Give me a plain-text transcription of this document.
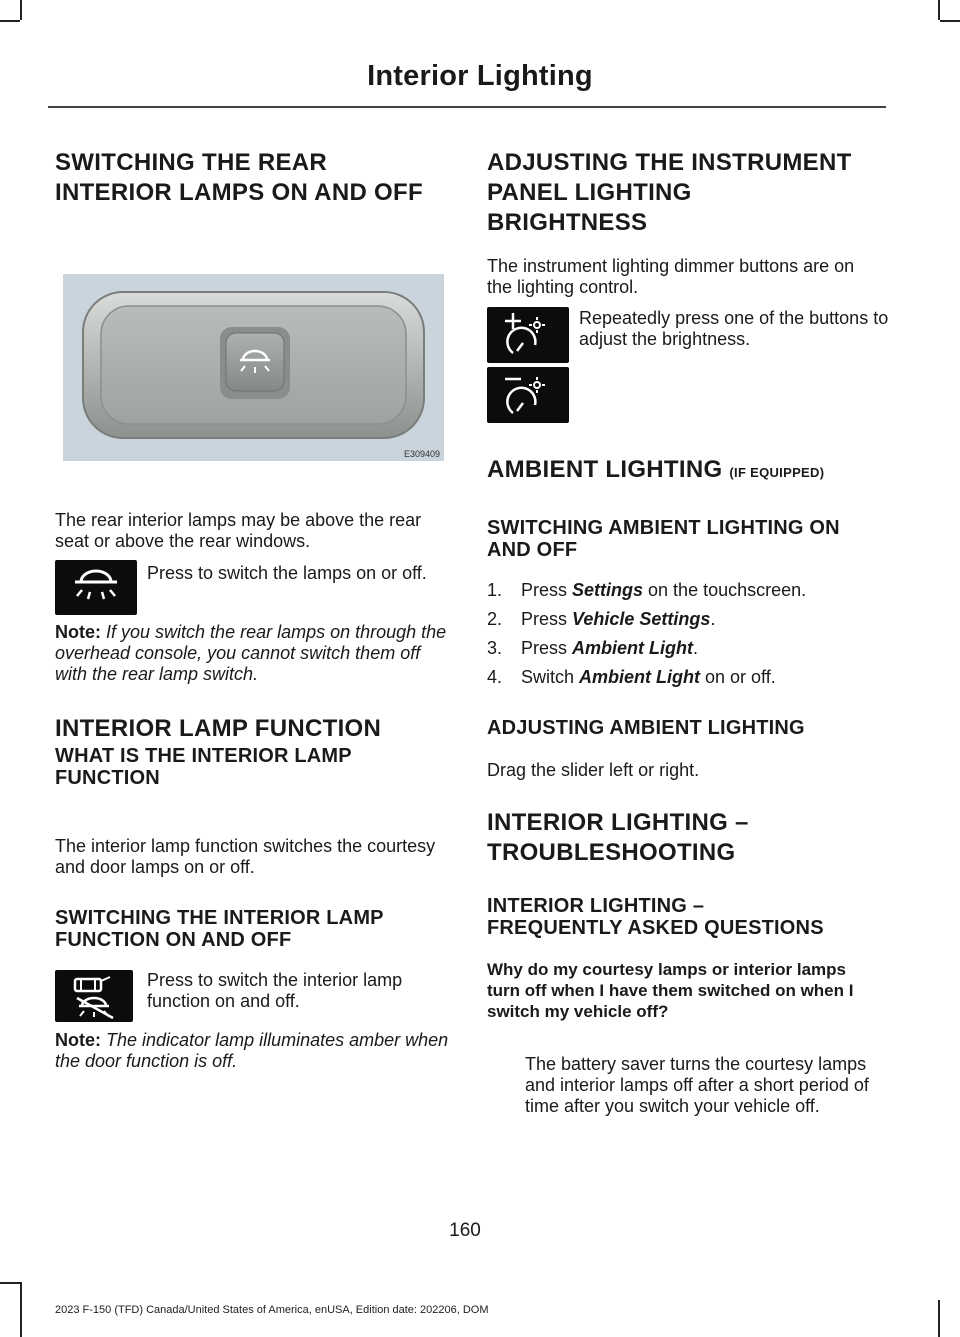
Interior Lighting
SWITCHING THE REAR
INTERIOR LAMPS ON AND OFF
E309409
The rear interior lamps may be above the rear seat or above the rear windows.
Press to switch the lamps on or off.
Note: If you switch the rear lamps on through the overhead console, you cannot switch them off with the rear lamp switch.
INTERIOR LAMP FUNCTION
WHAT IS THE INTERIOR LAMP FUNCTION
The interior lamp function switches the courtesy and door lamps on or off.
SWITCHING THE INTERIOR LAMP FUNCTION ON AND OFF
Press to switch the interior lamp function on and off.
Note: The indicator lamp illuminates amber when the door function is off.
ADJUSTING THE INSTRUMENT
PANEL LIGHTING
BRIGHTNESS
The instrument lighting dimmer buttons are on the lighting control.
Repeatedly press one of the buttons to adjust the brightness.
AMBIENT LIGHTING (IF EQUIPPED)
SWITCHING AMBIENT LIGHTING ON AND OFF
1. Press Settings on the touchscreen.
2. Press Vehicle Settings.
3. Press Ambient Light.
4. Switch Ambient Light on or off.
ADJUSTING AMBIENT LIGHTING
Drag the slider left or right.
INTERIOR LIGHTING –
TROUBLESHOOTING
INTERIOR LIGHTING –
FREQUENTLY ASKED QUESTIONS
Why do my courtesy lamps or interior lamps turn off when I have them switched on when I switch my vehicle off?
The battery saver turns the courtesy lamps and interior lamps off after a short period of time after you switch your vehicle off.
160
2023 F-150 (TFD) Canada/United States of America, enUSA, Edition date: 202206, DOM
